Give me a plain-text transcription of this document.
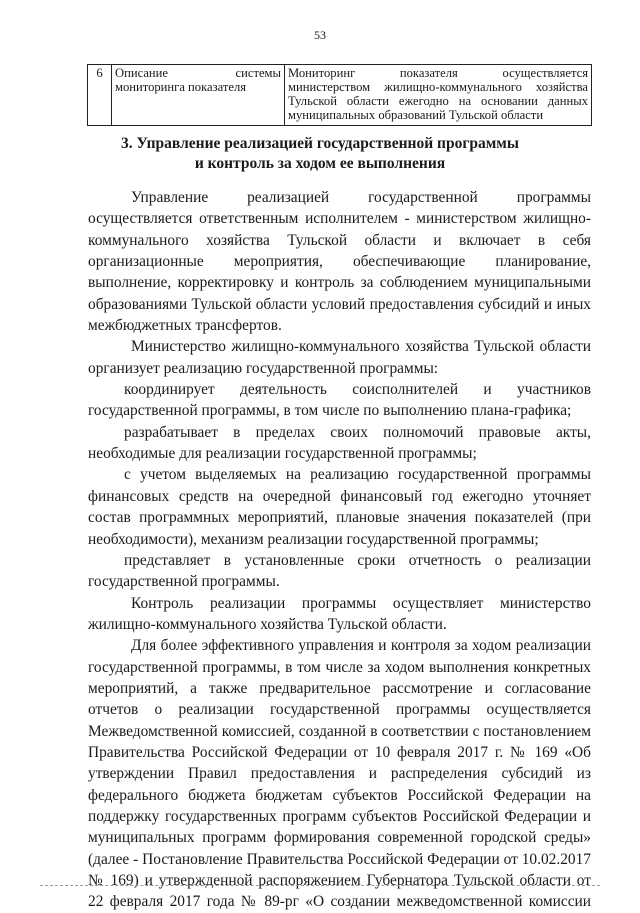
53
6	Описание системы мониторинга показателя	Мониторинг показателя осуществляется министерством жилищно-коммунального хозяйства Тульской области ежегодно на основании данных муниципальных образований Тульской области
3. Управление реализацией государственной программы
и контроль за ходом ее выполнения

Управление реализацией государственной программы осуществляется ответственным исполнителем - министерством жилищно-коммунального хозяйства Тульской области и включает в себя организационные мероприятия, обеспечивающие планирование, выполнение, корректировку и контроль за соблюдением муниципальными образованиями Тульской области условий предоставления субсидий и иных межбюджетных трансфертов.

Министерство жилищно-коммунального хозяйства Тульской области организует реализацию государственной программы:

координирует деятельность соисполнителей и участников государственной программы, в том числе по выполнению плана-графика;

разрабатывает в пределах своих полномочий правовые акты, необходимые для реализации государственной программы;

с учетом выделяемых на реализацию государственной программы финансовых средств на очередной финансовый год ежегодно уточняет состав программных мероприятий, плановые значения показателей (при необходимости), механизм реализации государственной программы;

представляет в установленные сроки отчетность о реализации государственной программы.

Контроль реализации программы осуществляет министерство жилищно-коммунального хозяйства Тульской области.

Для более эффективного управления и контроля за ходом реализации государственной программы, в том числе за ходом выполнения конкретных мероприятий, а также предварительное рассмотрение и согласование отчетов о реализации государственной программы осуществляется Межведомственной комиссией, созданной в соответствии с постановлением Правительства Российской Федерации от 10 февраля 2017 г. № 169 «Об утверждении Правил предоставления и распределения субсидий из федерального бюджета бюджетам субъектов Российской Федерации на поддержку государственных программ субъектов Российской Федерации и муниципальных программ формирования современной городской среды» (далее - Постановление Правительства Российской Федерации от 10.02.2017 № 169) и утвержденной распоряжением Губернатора Тульской области от 22 февраля 2017 года № 89-рг «О создании межведомственной комиссии
